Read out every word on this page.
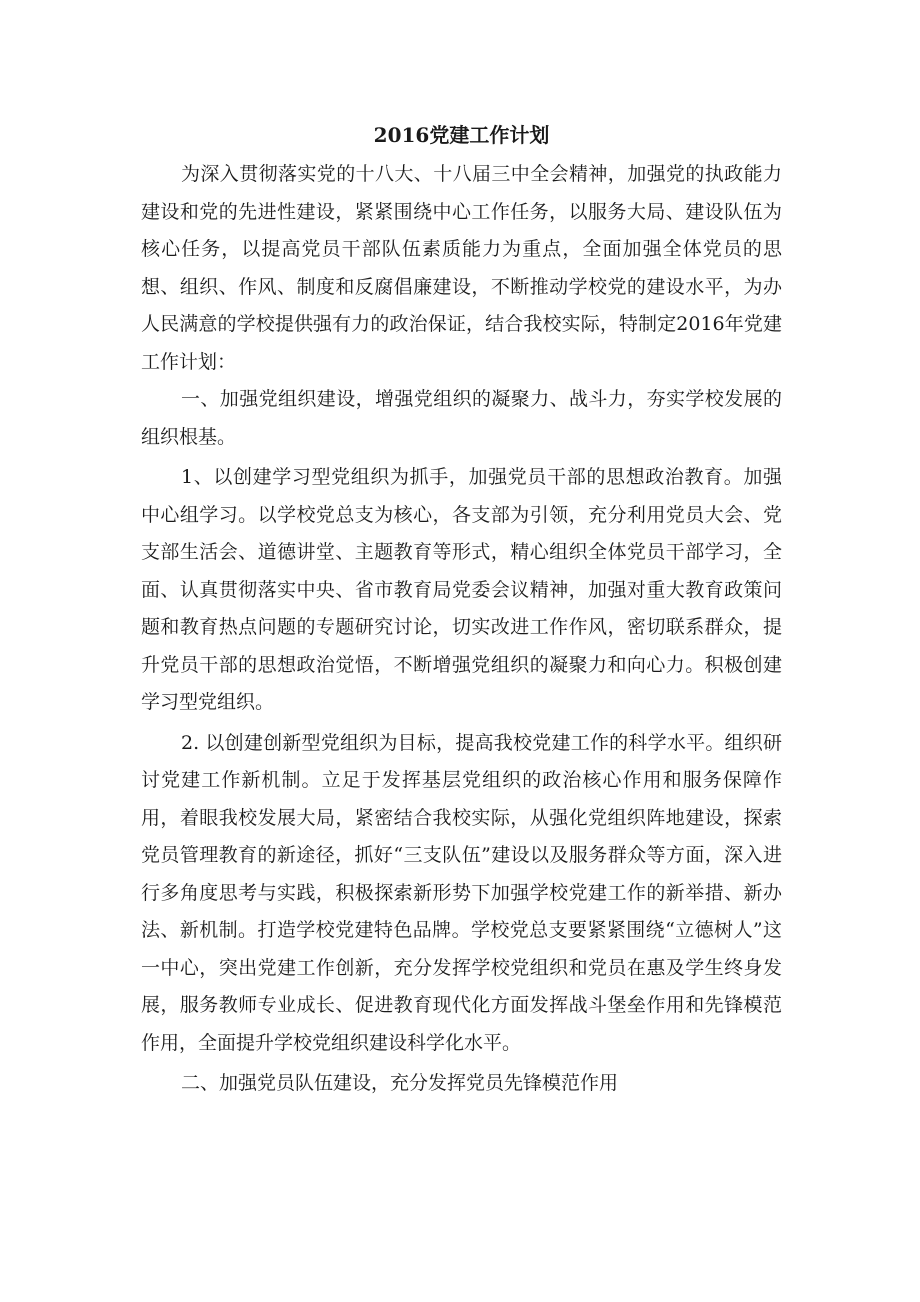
2016党建工作计划

为深入贯彻落实党的十八大、十八届三中全会精神，加强党的执政能力建设和党的先进性建设，紧紧围绕中心工作任务，以服务大局、建设队伍为核心任务，以提高党员干部队伍素质能力为重点，全面加强全体党员的思想、组织、作风、制度和反腐倡廉建设，不断推动学校党的建设水平，为办人民满意的学校提供强有力的政治保证，结合我校实际，特制定2016年党建工作计划：

一、加强党组织建设，增强党组织的凝聚力、战斗力，夯实学校发展的组织根基。

1、以创建学习型党组织为抓手，加强党员干部的思想政治教育。加强中心组学习。以学校党总支为核心，各支部为引领，充分利用党员大会、党支部生活会、道德讲堂、主题教育等形式，精心组织全体党员干部学习，全面、认真贯彻落实中央、省市教育局党委会议精神，加强对重大教育政策问题和教育热点问题的专题研究讨论，切实改进工作作风，密切联系群众，提升党员干部的思想政治觉悟，不断增强党组织的凝聚力和向心力。积极创建学习型党组织。

2. 以创建创新型党组织为目标，提高我校党建工作的科学水平。组织研讨党建工作新机制。立足于发挥基层党组织的政治核心作用和服务保障作用，着眼我校发展大局，紧密结合我校实际，从强化党组织阵地建设，探索党员管理教育的新途径，抓好“三支队伍”建设以及服务群众等方面，深入进行多角度思考与实践，积极探索新形势下加强学校党建工作的新举措、新办法、新机制。打造学校党建特色品牌。学校党总支要紧紧围绕“立德树人”这一中心，突出党建工作创新，充分发挥学校党组织和党员在惠及学生终身发展，服务教师专业成长、促进教育现代化方面发挥战斗堡垒作用和先锋模范作用，全面提升学校党组织建设科学化水平。

二、加强党员队伍建设，充分发挥党员先锋模范作用
